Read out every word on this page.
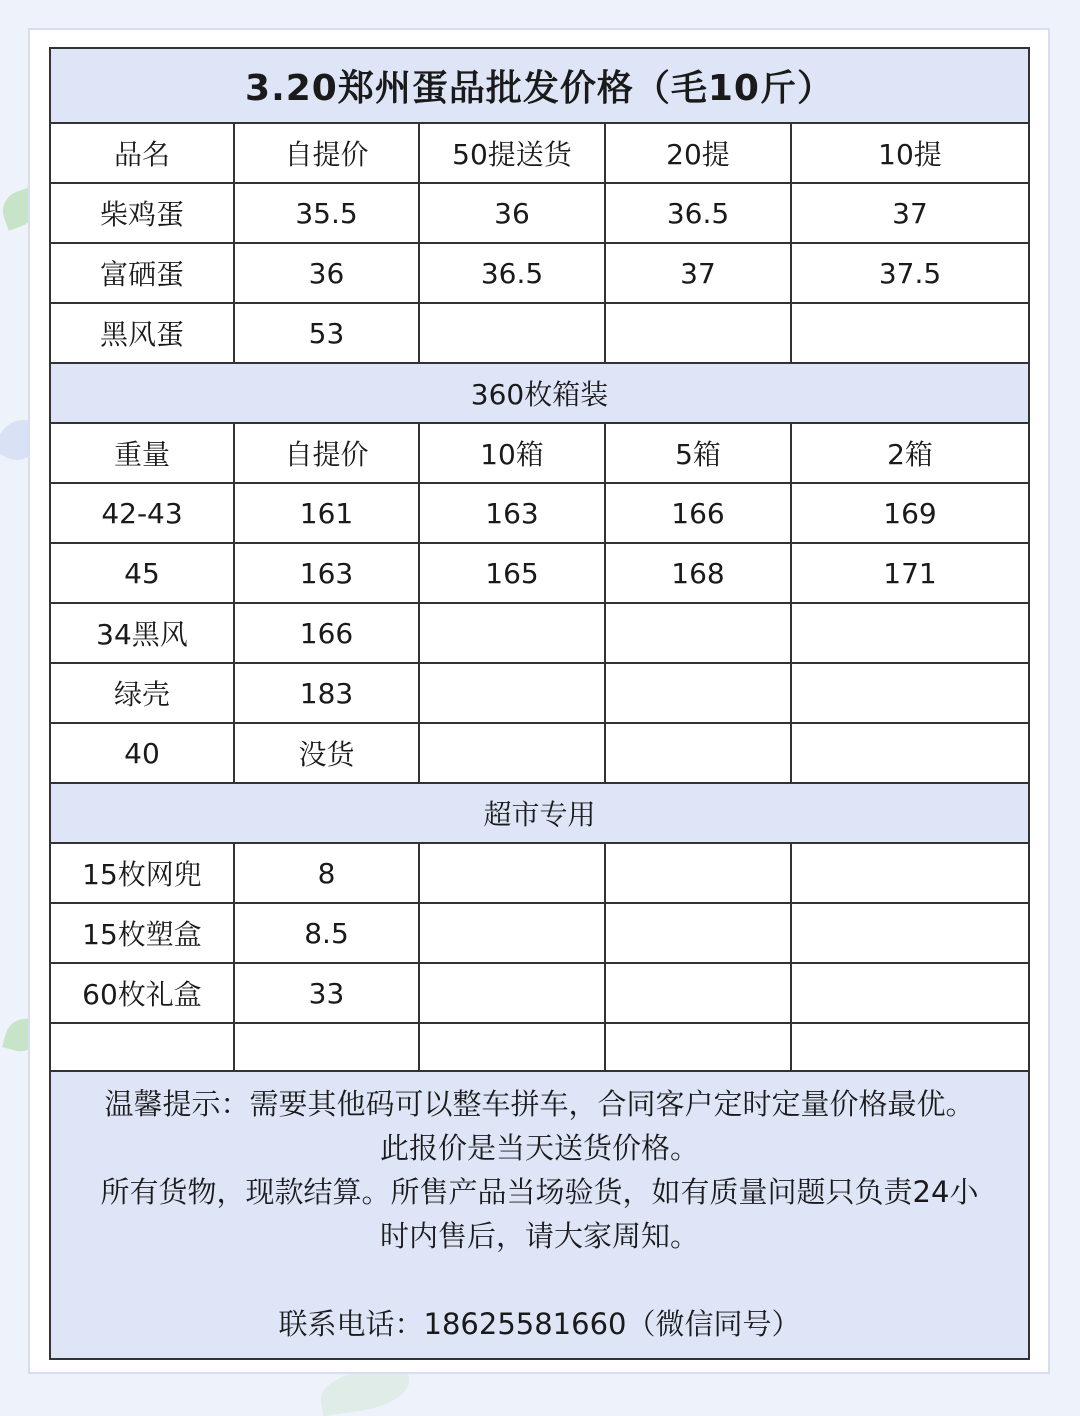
3.20郑州蛋品批发价格（毛10斤）
品名	自提价	50提送货	20提	10提
柴鸡蛋	35.5	36	36.5	37
富硒蛋	36	36.5	37	37.5
黑风蛋	53
360枚箱装
重量	自提价	10箱	5箱	2箱
42-43	161	163	166	169
45	163	165	168	171
34黑风	166
绿壳	183
40	没货
超市专用
15枚网兜	8
15枚塑盒	8.5
60枚礼盒	33

温馨提示：需要其他码可以整车拼车，合同客户定时定量价格最优。

此报价是当天送货价格。

所有货物，现款结算。所售产品当场验货，如有质量问题只负责24小

时内售后，请大家周知。

联系电话：18625581660（微信同号）
